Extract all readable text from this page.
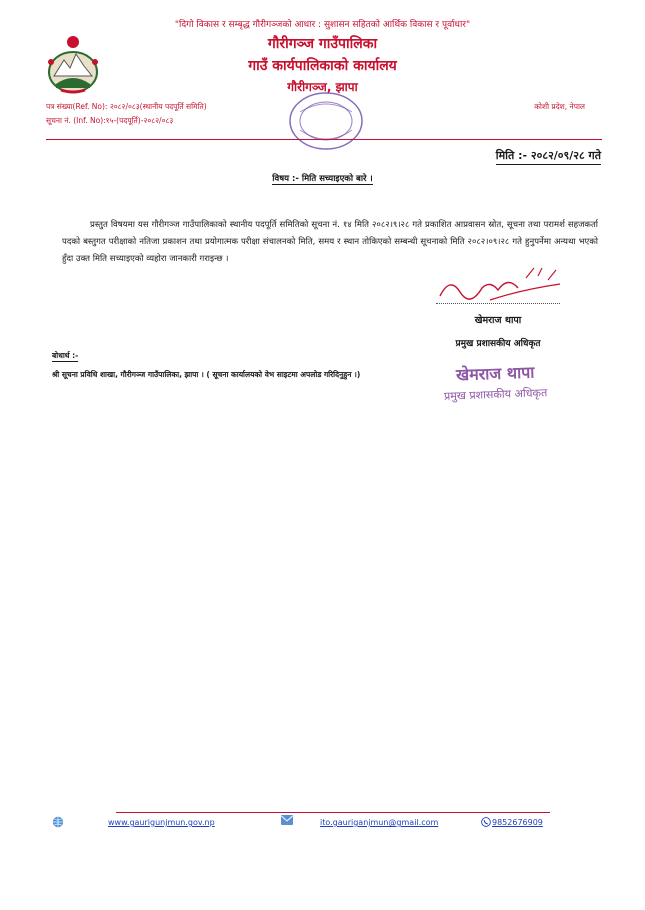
"दिगो विकास र सम्बृद्ध गौरीगञ्जको आधार : सुशासन सहितको आर्थिक विकास र पूर्वाधार"
गौरीगञ्ज गाउँपालिका
गाउँ कार्यपालिकाको कार्यालय
गौरीगञ्ज, झापा
पत्र संख्या(Ref. No): २०८२/०८३(स्थानीय पदपूर्ति समिति)
सूचना नं. (Inf. No):१५-(पदपूर्ति)-२०८२/०८३
कोशी प्रदेश, नेपाल
मिति :- २०८२/०९/२८ गते
विषय :- मिति सच्याइएको बारे ।
प्रस्तुत विषयमा यस गौरीगञ्ज गाउँपालिकाको स्थानीय पदपूर्ति समितिको सूचना नं. १४ मिति २०८२।९।२८ गते प्रकाशित आप्रवासन स्रोत, सूचना तथा परामर्श सहजकर्ता पदको बस्तुगत परीक्षाको नतिजा प्रकाशन तथा प्रयोगात्मक परीक्षा संचालनको मिति, समय र स्थान तोकिएको सम्बन्धी सूचनाको मिति २०८२।०९।२८ गते हुनुपर्नेमा अन्यथा भएको हुँदा उक्त मिति सच्याइएको व्यहोरा जानकारी गराइन्छ ।
खेमराज थापा
प्रमुख प्रशासकीय अधिकृत
बोधार्थ :-
श्री सूचना प्रविधि शाखा, गौरीगञ्ज गाउँपालिका, झापा । ( सूचना कार्यालयको वेभ साइटमा अपलोड गरिदिनुहुन ।)	खेमराज थापा
प्रमुख प्रशासकीय अधिकृत
www.gaurigunjmun.gov.np	ito.gauriganjmun@gmail.com	9852676909
